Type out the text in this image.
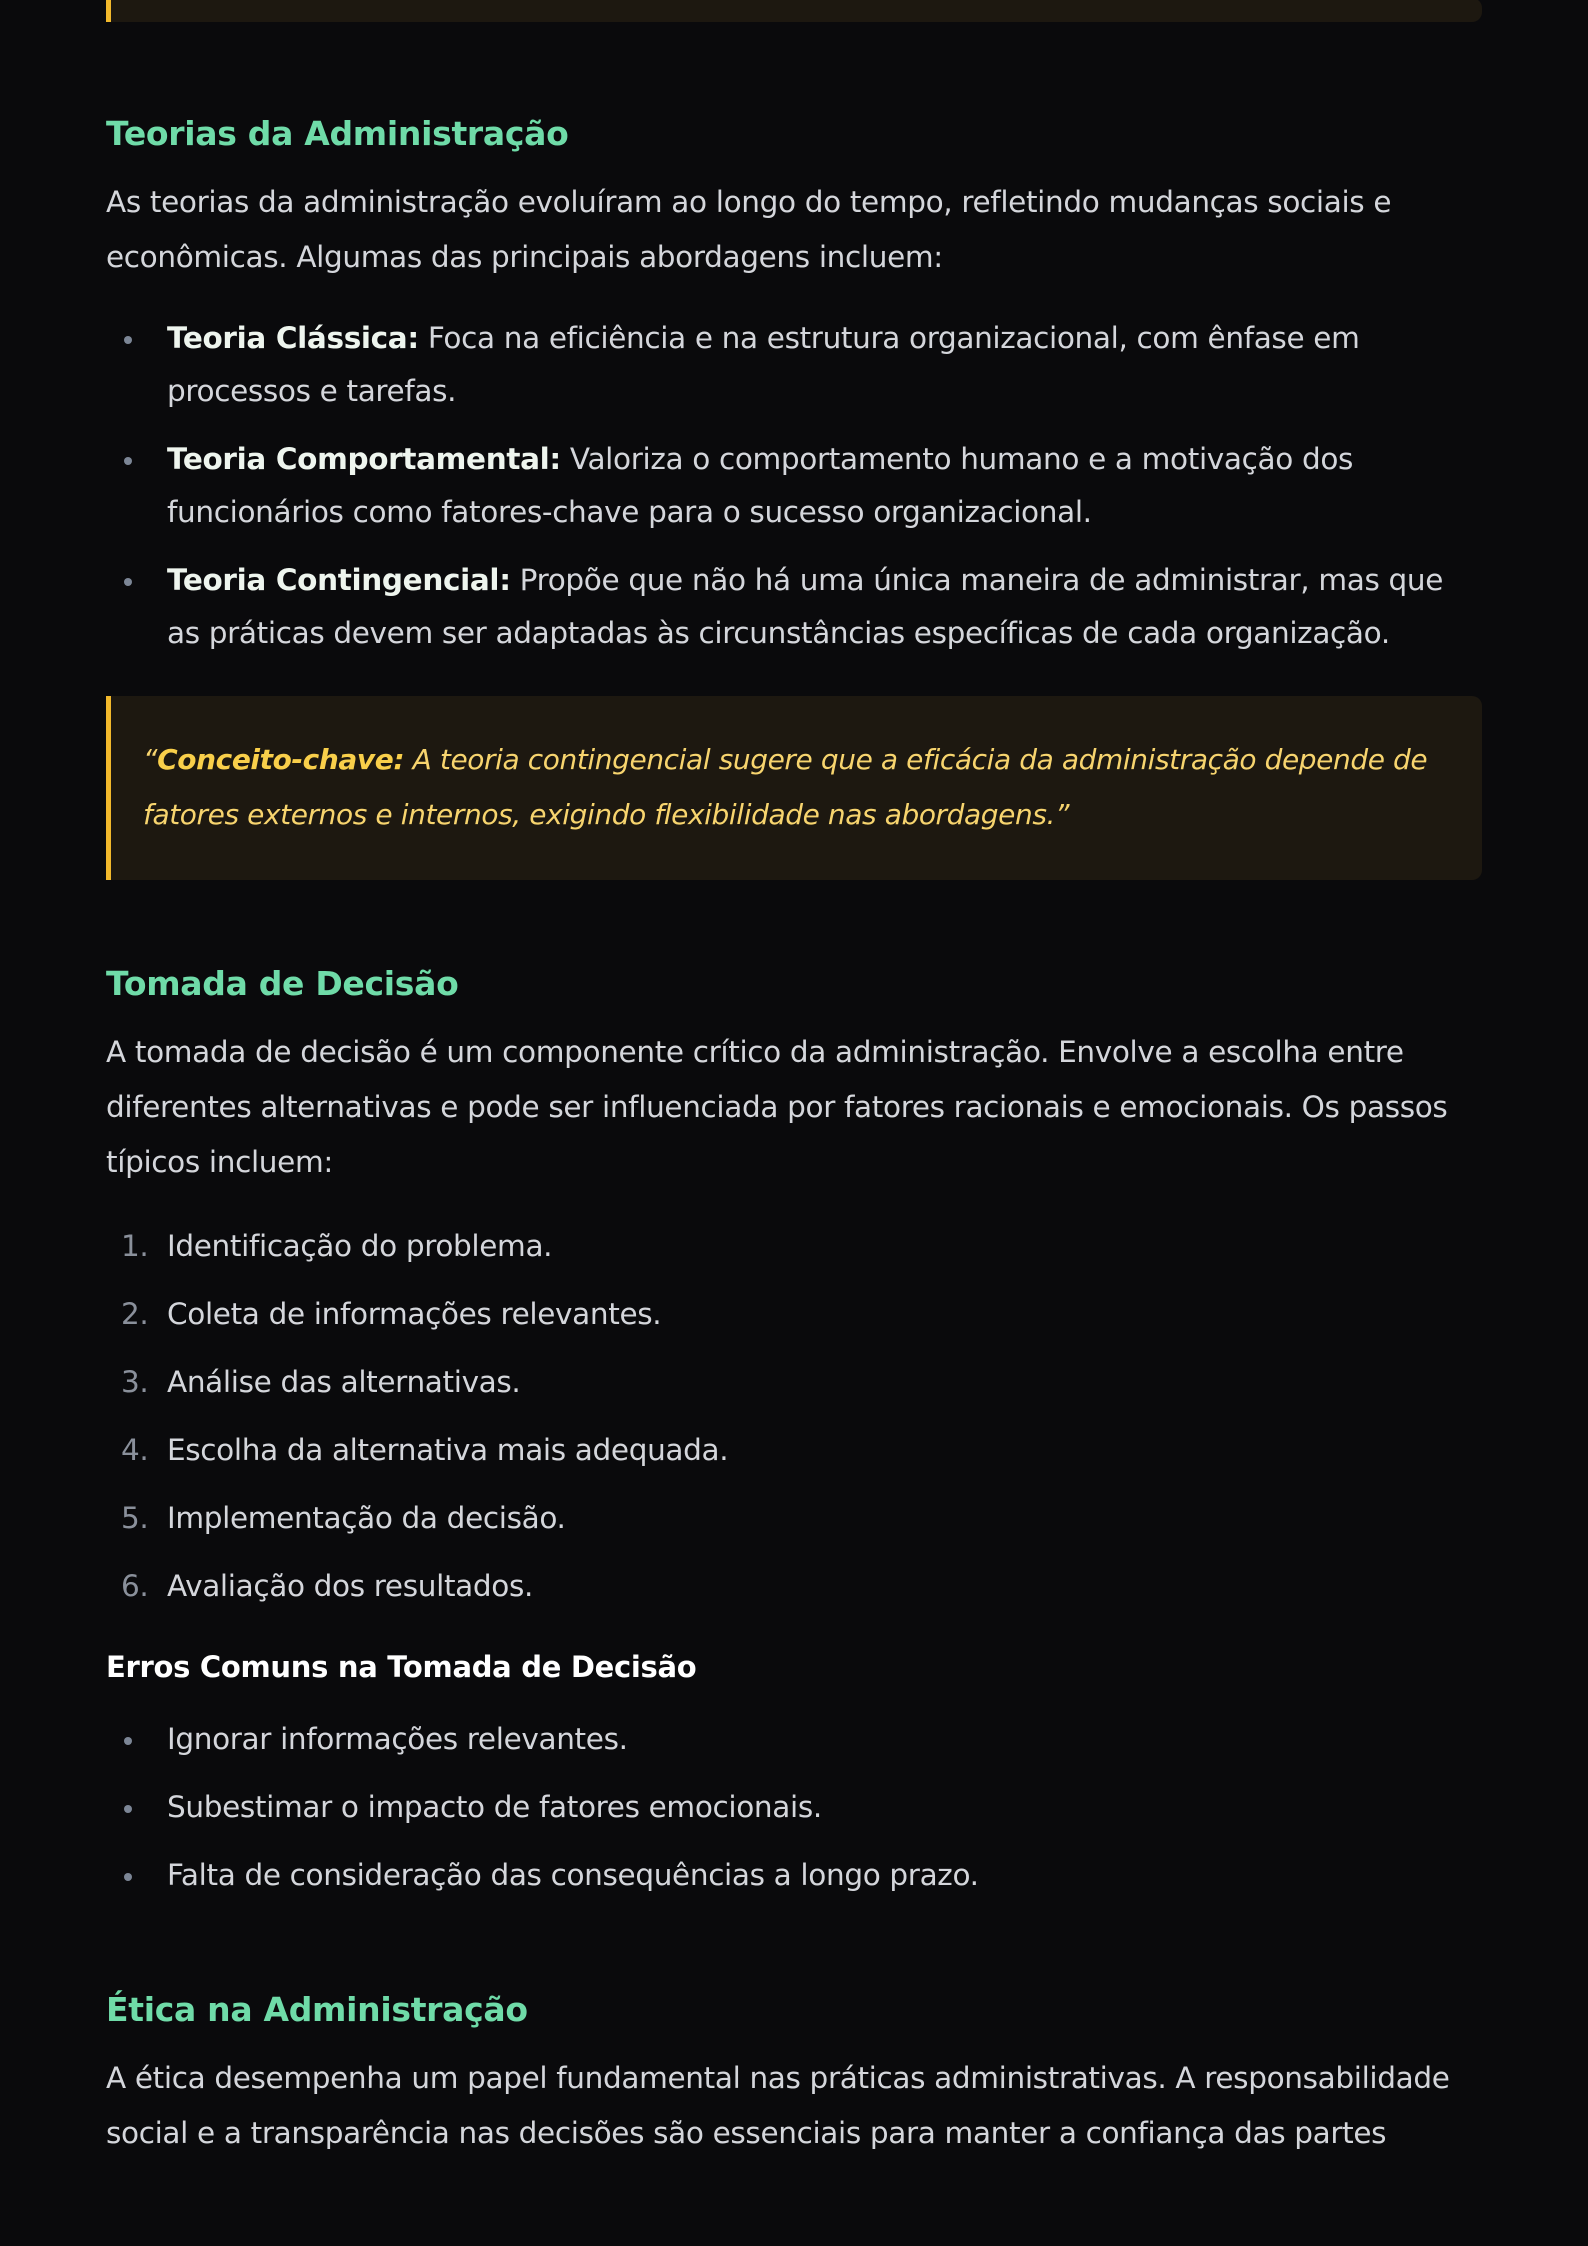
Teorias da Administração

As teorias da administração evoluíram ao longo do tempo, refletindo mudanças sociais e econômicas. Algumas das principais abordagens incluem:

Teoria Clássica: Foca na eficiência e na estrutura organizacional, com ênfase em processos e tarefas.
Teoria Comportamental: Valoriza o comportamento humano e a motivação dos funcionários como fatores-chave para o sucesso organizacional.
Teoria Contingencial: Propõe que não há uma única maneira de administrar, mas que as práticas devem ser adaptadas às circunstâncias específicas de cada organização.
“Conceito-chave: A teoria contingencial sugere que a eficácia da administração depende de fatores externos e internos, exigindo flexibilidade nas abordagens.”
Tomada de Decisão

A tomada de decisão é um componente crítico da administração. Envolve a escolha entre diferentes alternativas e pode ser influenciada por fatores racionais e emocionais. Os passos típicos incluem:

1. Identificação do problema.
2. Coleta de informações relevantes.
3. Análise das alternativas.
4. Escolha da alternativa mais adequada.
5. Implementação da decisão.
6. Avaliação dos resultados.
Erros Comuns na Tomada de Decisão
Ignorar informações relevantes.
Subestimar o impacto de fatores emocionais.
Falta de consideração das consequências a longo prazo.
Ética na Administração

A ética desempenha um papel fundamental nas práticas administrativas. A responsabilidade social e a transparência nas decisões são essenciais para manter a confiança das partes
